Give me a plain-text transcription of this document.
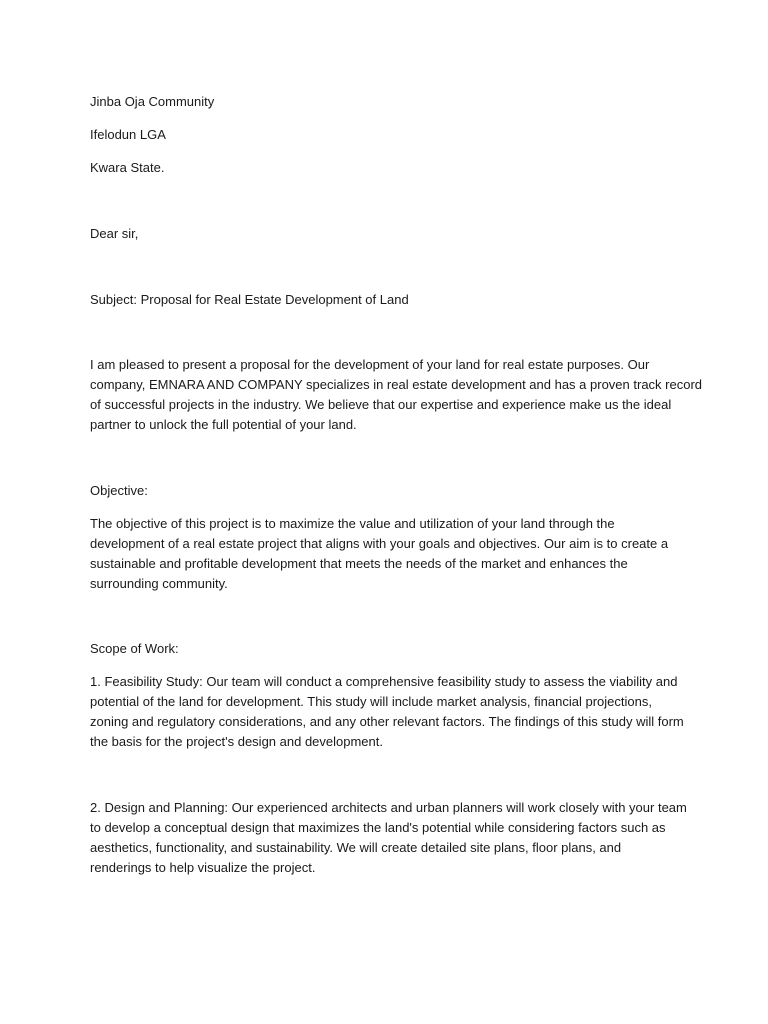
Jinba Oja Community

Ifelodun LGA

Kwara State.

Dear sir,

Subject: Proposal for Real Estate Development of Land

I am pleased to present a proposal for the development of your land for real estate purposes. Our
company, EMNARA AND COMPANY specializes in real estate development and has a proven track record
of successful projects in the industry. We believe that our expertise and experience make us the ideal
partner to unlock the full potential of your land.

Objective:

The objective of this project is to maximize the value and utilization of your land through the
development of a real estate project that aligns with your goals and objectives. Our aim is to create a
sustainable and profitable development that meets the needs of the market and enhances the
surrounding community.

Scope of Work:

1. Feasibility Study: Our team will conduct a comprehensive feasibility study to assess the viability and
potential of the land for development. This study will include market analysis, financial projections,
zoning and regulatory considerations, and any other relevant factors. The findings of this study will form
the basis for the project's design and development.
2. Design and Planning: Our experienced architects and urban planners will work closely with your team
to develop a conceptual design that maximizes the land's potential while considering factors such as
aesthetics, functionality, and sustainability. We will create detailed site plans, floor plans, and
renderings to help visualize the project.
